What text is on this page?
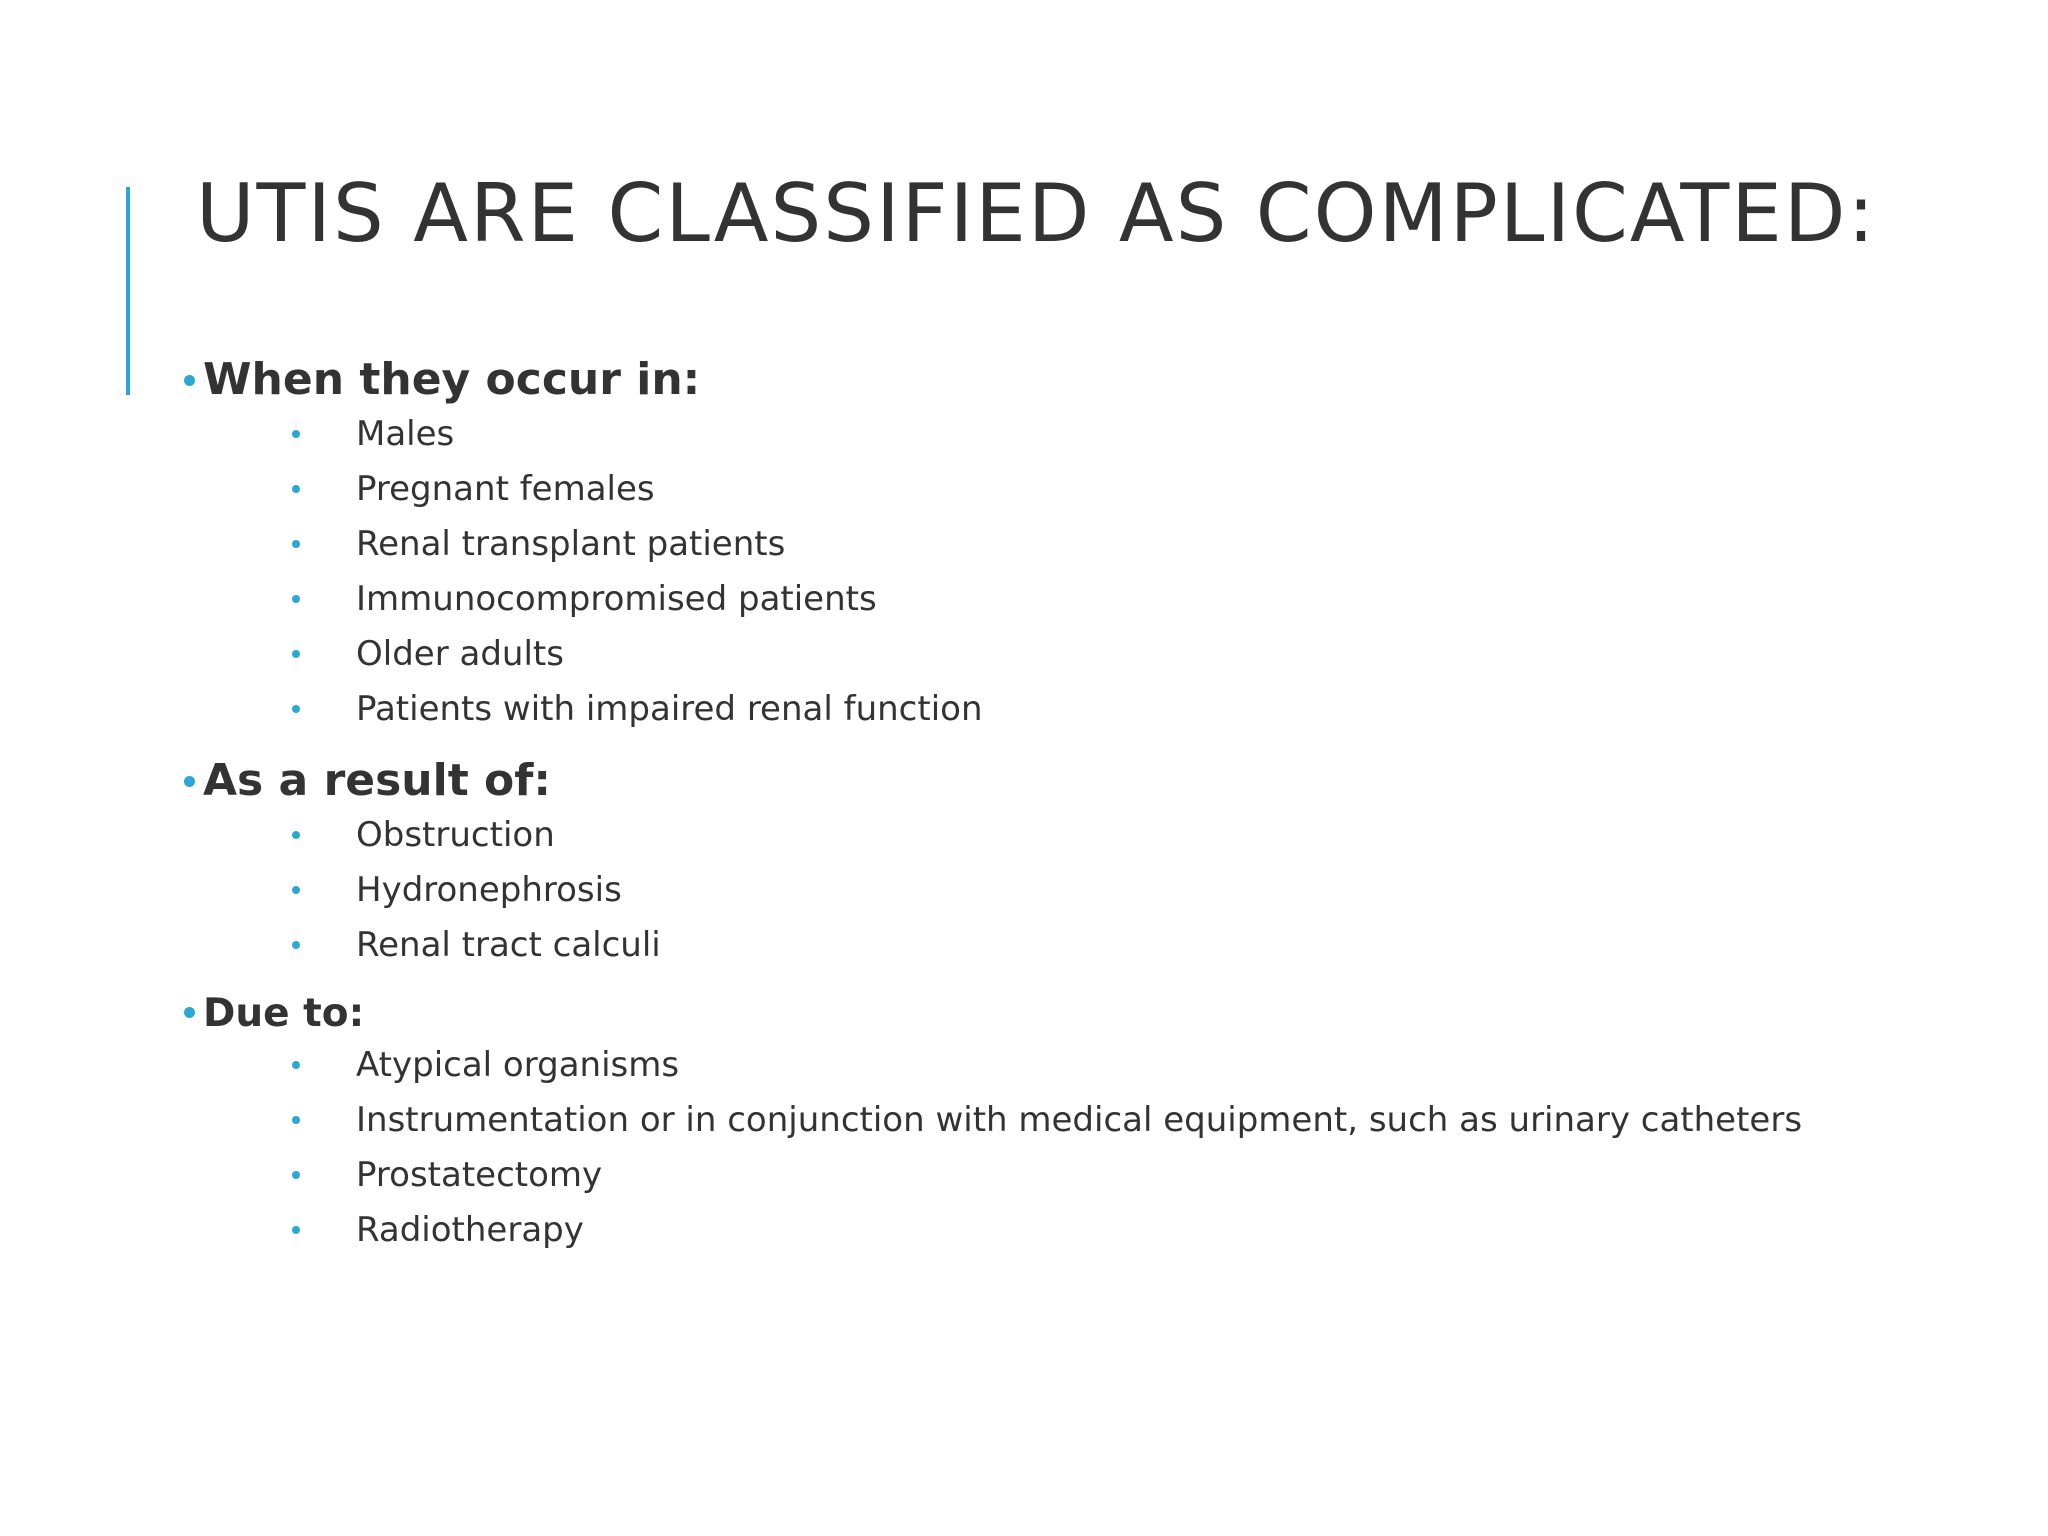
UTIS ARE CLASSIFIED AS COMPLICATED:
When they occur in:
Males
Pregnant females
Renal transplant patients
Immunocompromised patients
Older adults
Patients with impaired renal function
As a result of:
Obstruction
Hydronephrosis
Renal tract calculi
Due to:
Atypical organisms
Instrumentation or in conjunction with medical equipment, such as urinary catheters
Prostatectomy
Radiotherapy
